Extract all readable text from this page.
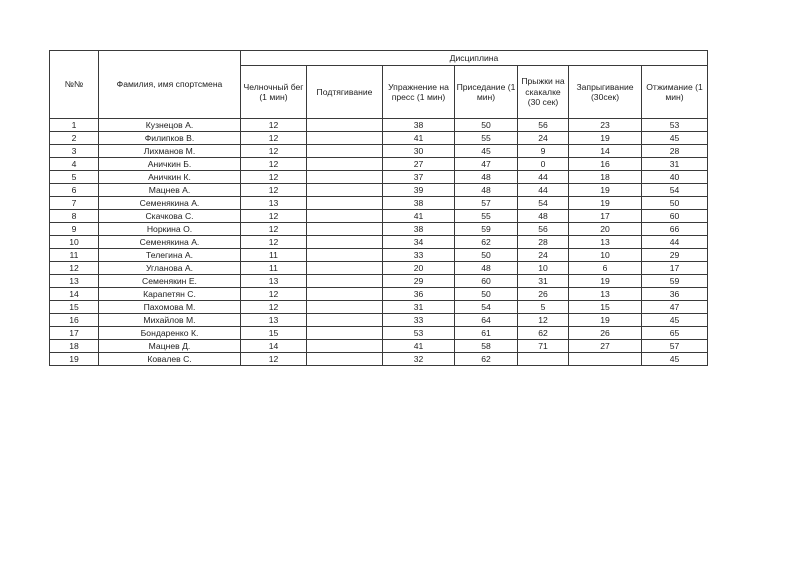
№№	Фамилия, имя спортсмена	Дисциплина						
		Челночный бег (1 мин)	Подтягивание	Упражнение на пресс (1 мин)	Приседание (1 мин)	Прыжки на скакалке (30 сек)	Запрыгивание (30сек)	Отжимание (1 мин)
1	Кузнецов А.	12		38	50	56	23	53
2	Филипков В.	12		41	55	24	19	45
3	Лихманов М.	12		30	45	9	14	28
4	Аничкин Б.	12		27	47	0	16	31
5	Аничкин К.	12		37	48	44	18	40
6	Мацнев А.	12		39	48	44	19	54
7	Семенякина А.	13		38	57	54	19	50
8	Скачкова С.	12		41	55	48	17	60
9	Норкина О.	12		38	59	56	20	66
10	Семенякина А.	12		34	62	28	13	44
11	Телегина А.	11		33	50	24	10	29
12	Угланова А.	11		20	48	10	6	17
13	Семенякин Е.	13		29	60	31	19	59
14	Карапетян С.	12		36	50	26	13	36
15	Пахомова М.	12		31	54	5	15	47
16	Михайлов М.	13		33	64	12	19	45
17	Бондаренко К.	15		53	61	62	26	65
18	Мацнев Д.	14		41	58	71	27	57
19	Ковалев С.	12		32	62			45
